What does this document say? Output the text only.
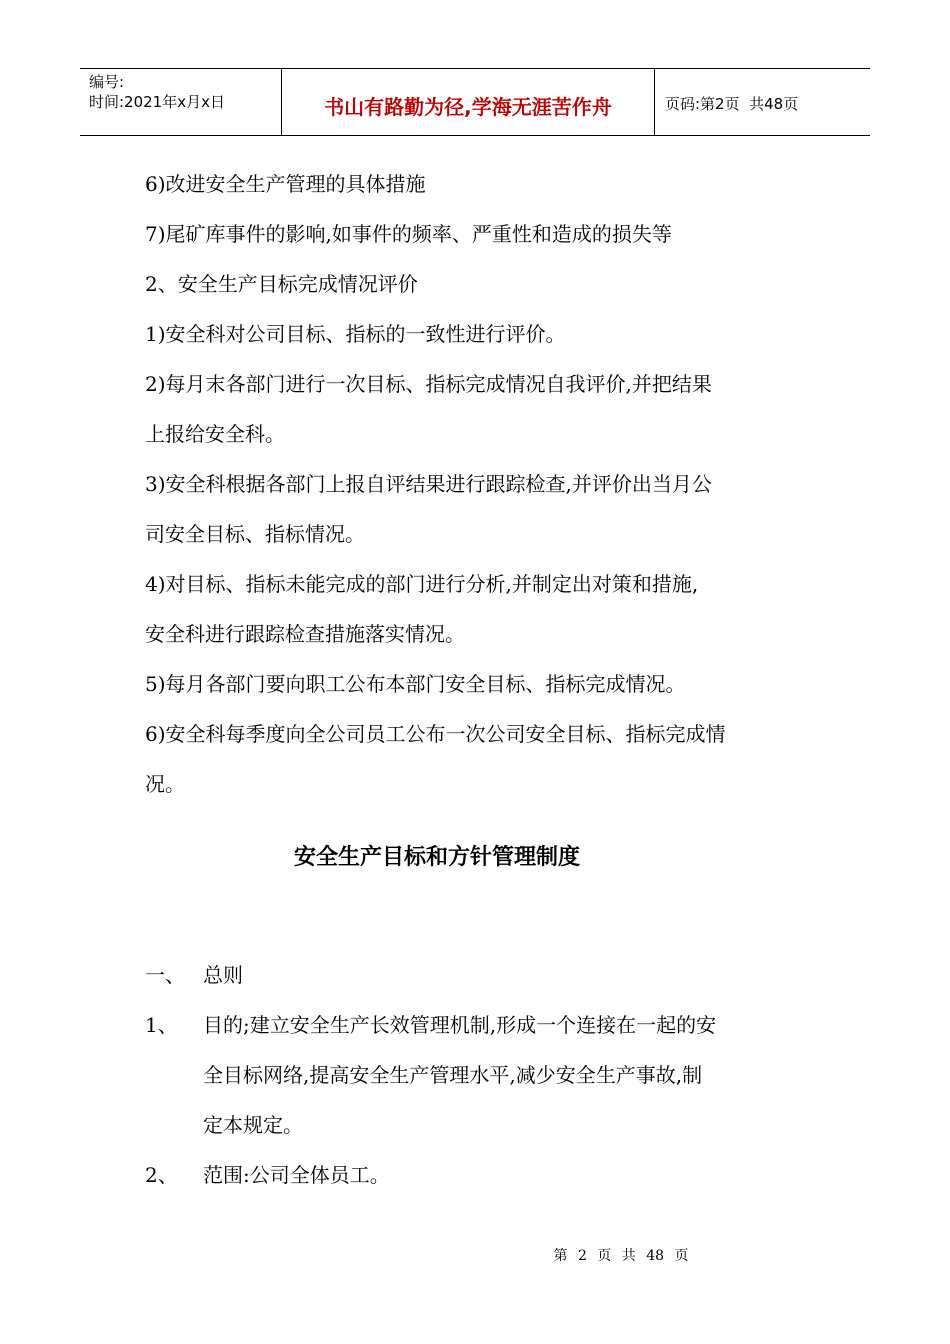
编号:
时间:2021年x月x日	书山有路勤为径,学海无涯苦作舟	页码:第2页  共48页

6)改进安全生产管理的具体措施

7)尾矿库事件的影响,如事件的频率、严重性和造成的损失等

2、安全生产目标完成情况评价

1)安全科对公司目标、指标的一致性进行评价。

2)每月末各部门进行一次目标、指标完成情况自我评价,并把结果

上报给安全科。

3)安全科根据各部门上报自评结果进行跟踪检查,并评价出当月公

司安全目标、指标情况。

4)对目标、指标未能完成的部门进行分析,并制定出对策和措施,

安全科进行跟踪检查措施落实情况。

5)每月各部门要向职工公布本部门安全目标、指标完成情况。

6)安全科每季度向全公司员工公布一次公司安全目标、指标完成情

况。

安全生产目标和方针管理制度
一、 总则
1、	目的;建立安全生产长效管理机制,形成一个连接在一起的安
全目标网络,提高安全生产管理水平,减少安全生产事故,制
定本规定。
2、	范围:公司全体员工。
第 2 页 共 48 页
